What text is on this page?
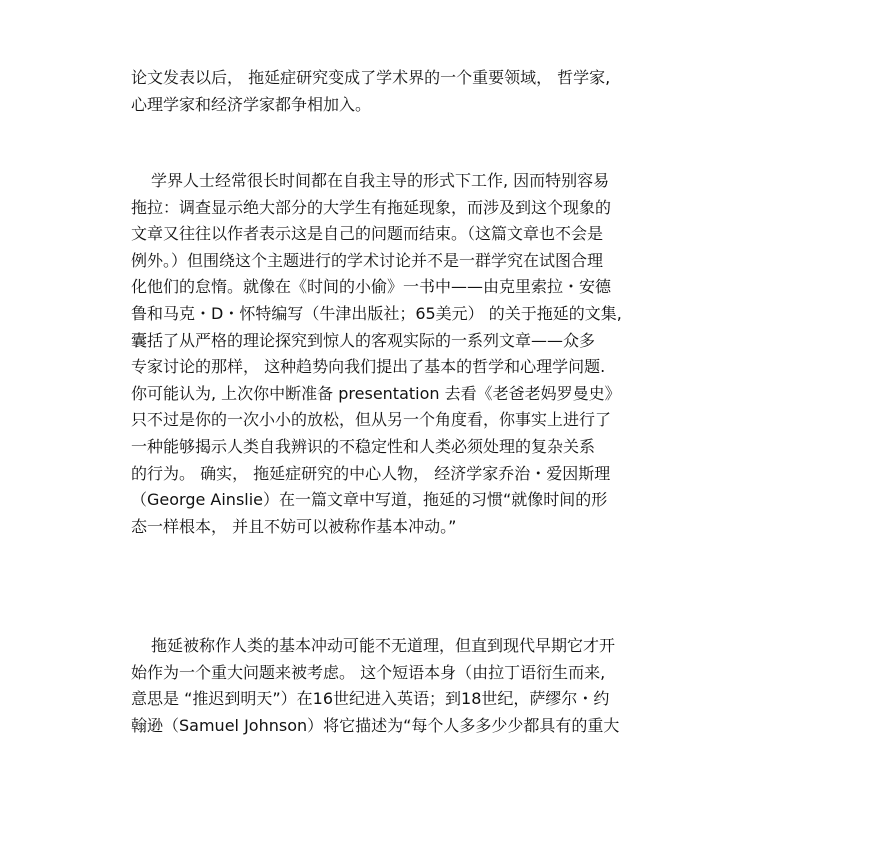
论文发表以后， 拖延症研究变成了学术界的一个重要领域， 哲学家,
心理学家和经济学家都争相加入。
学界人士经常很长时间都在自我主导的形式下工作, 因而特别容易
拖拉：调查显示绝大部分的大学生有拖延现象，而涉及到这个现象的
文章又往往以作者表示这是自己的问题而结束。（这篇文章也不会是
例外。）但围绕这个主题进行的学术讨论并不是一群学究在试图合理
化他们的怠惰。就像在《时间的小偷》一书中——由克里索拉・安德
鲁和马克・D・怀特编写（牛津出版社；65美元） 的关于拖延的文集,
囊括了从严格的理论探究到惊人的客观实际的一系列文章——众多
专家讨论的那样， 这种趋势向我们提出了基本的哲学和心理学问题.
你可能认为, 上次你中断准备 presentation 去看《老爸老妈罗曼史》
只不过是你的一次小小的放松，但从另一个角度看，你事实上进行了
一种能够揭示人类自我辨识的不稳定性和人类必须处理的复杂关系
的行为。 确实， 拖延症研究的中心人物， 经济学家乔治・爱因斯理
（George Ainslie）在一篇文章中写道，拖延的习惯“就像时间的形
态一样根本， 并且不妨可以被称作基本冲动。”
拖延被称作人类的基本冲动可能不无道理，但直到现代早期它才开
始作为一个重大问题来被考虑。 这个短语本身（由拉丁语衍生而来,
意思是 “推迟到明天”）在16世纪进入英语；到18世纪，萨缪尔・约
翰逊（Samuel Johnson）将它描述为“每个人多多少少都具有的重大
